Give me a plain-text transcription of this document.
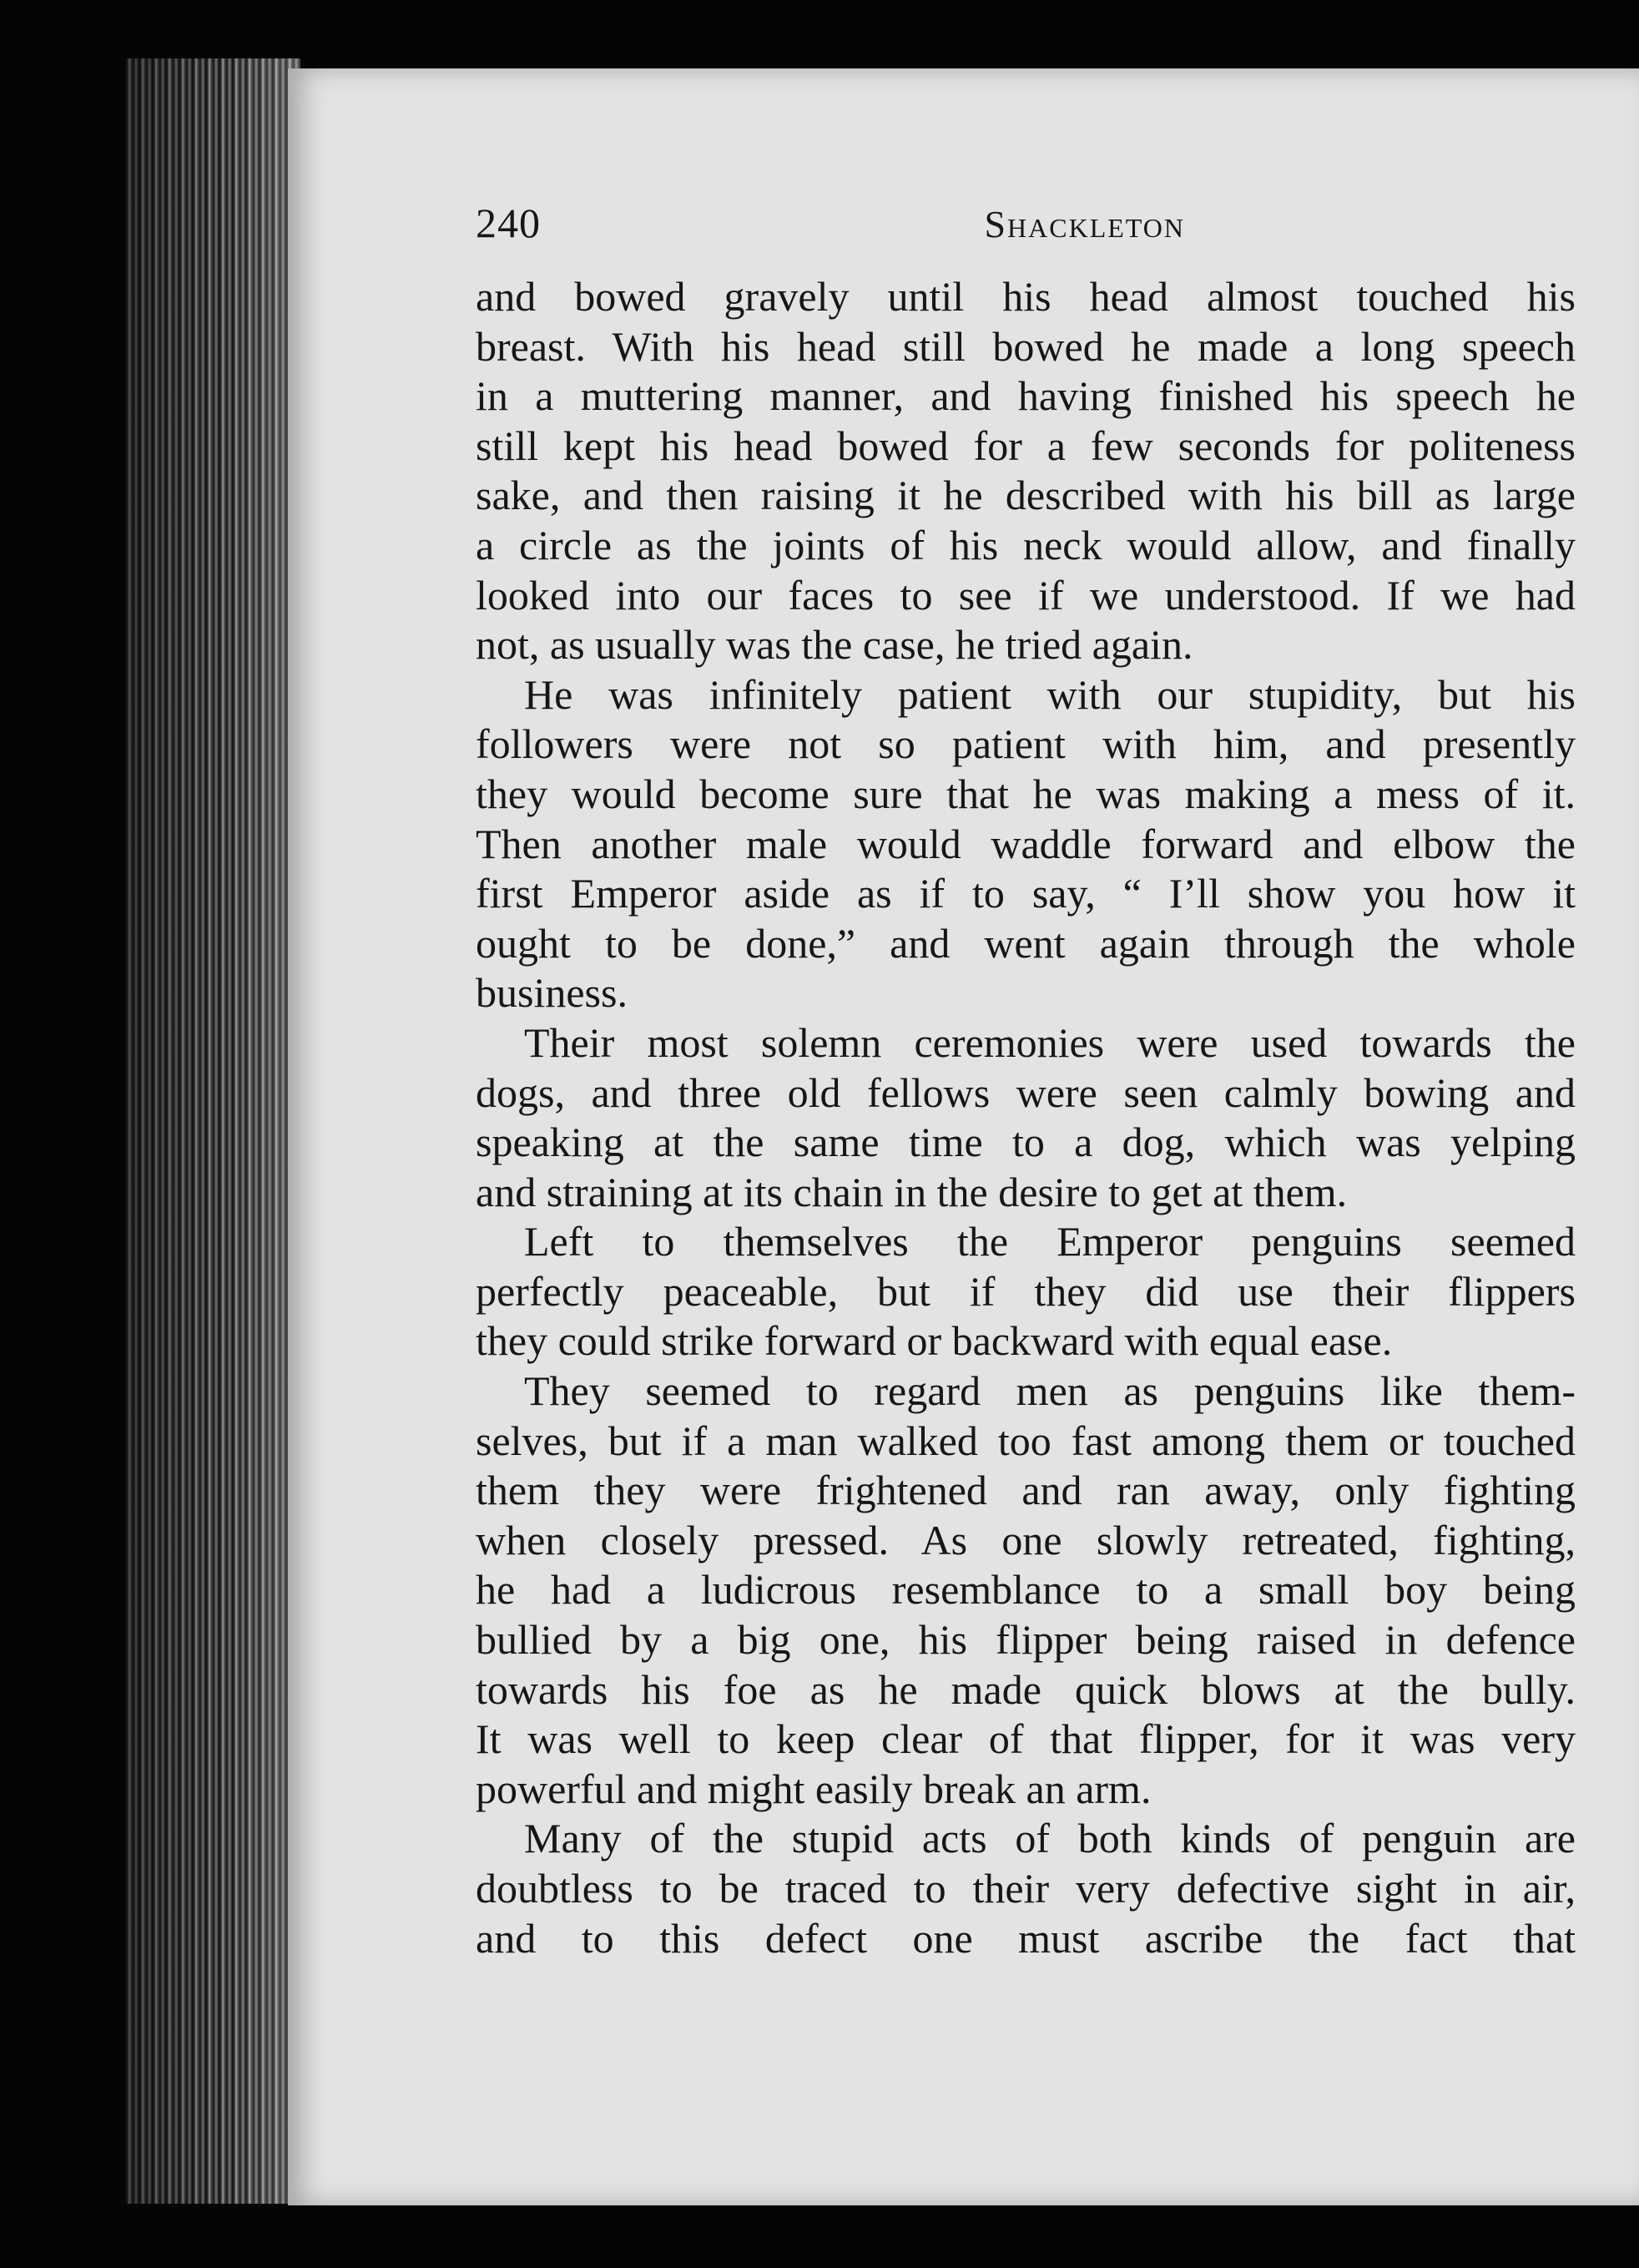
240	Shackleton
and bowed gravely until his head almost touched his
breast. With his head still bowed he made a long speech
in a muttering manner, and having finished his speech he
still kept his head bowed for a few seconds for politeness
sake, and then raising it he described with his bill as large
a circle as the joints of his neck would allow, and finally
looked into our faces to see if we understood. If we had
not, as usually was the case, he tried again.
He was infinitely patient with our stupidity, but his
followers were not so patient with him, and presently
they would become sure that he was making a mess of it.
Then another male would waddle forward and elbow the
first Emperor aside as if to say, “ I’ll show you how it
ought to be done,” and went again through the whole
business.
Their most solemn ceremonies were used towards the
dogs, and three old fellows were seen calmly bowing and
speaking at the same time to a dog, which was yelping
and straining at its chain in the desire to get at them.
Left to themselves the Emperor penguins seemed
perfectly peaceable, but if they did use their flippers
they could strike forward or backward with equal ease.
They seemed to regard men as penguins like them-
selves, but if a man walked too fast among them or touched
them they were frightened and ran away, only fighting
when closely pressed. As one slowly retreated, fighting,
he had a ludicrous resemblance to a small boy being
bullied by a big one, his flipper being raised in defence
towards his foe as he made quick blows at the bully.
It was well to keep clear of that flipper, for it was very
powerful and might easily break an arm.
Many of the stupid acts of both kinds of penguin are
doubtless to be traced to their very defective sight in air,
and to this defect one must ascribe the fact that
